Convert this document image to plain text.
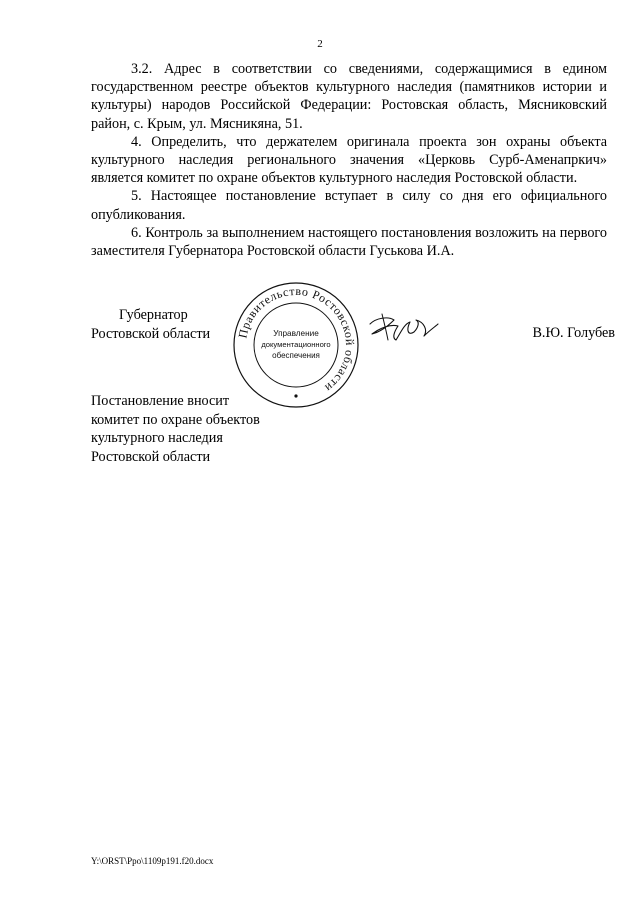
2

3.2. Адрес в соответствии со сведениями, содержащимися в едином государственном реестре объектов культурного наследия (памятников истории и культуры) народов Российской Федерации: Ростовская область, Мясниковский район, с. Крым, ул. Мясникяна, 51.

4. Определить, что держателем оригинала проекта зон охраны объекта культурного наследия регионального значения «Церковь Сурб-Аменапркич» является комитет по охране объектов культурного наследия Ростовской области.

5. Настоящее постановление вступает в силу со дня его официального опубликования.

6. Контроль за выполнением настоящего постановления возложить на первого заместителя Губернатора Ростовской области Гуськова И.А.

Губернатор
Ростовской области	Правительство Ростовской области
Управление
документационного
обеспечения
В.Ю. Голубев
Постановление вносит
комитет по охране объектов
культурного наследия
Ростовской области
Y:\ORST\Ppo\1109p191.f20.docx
